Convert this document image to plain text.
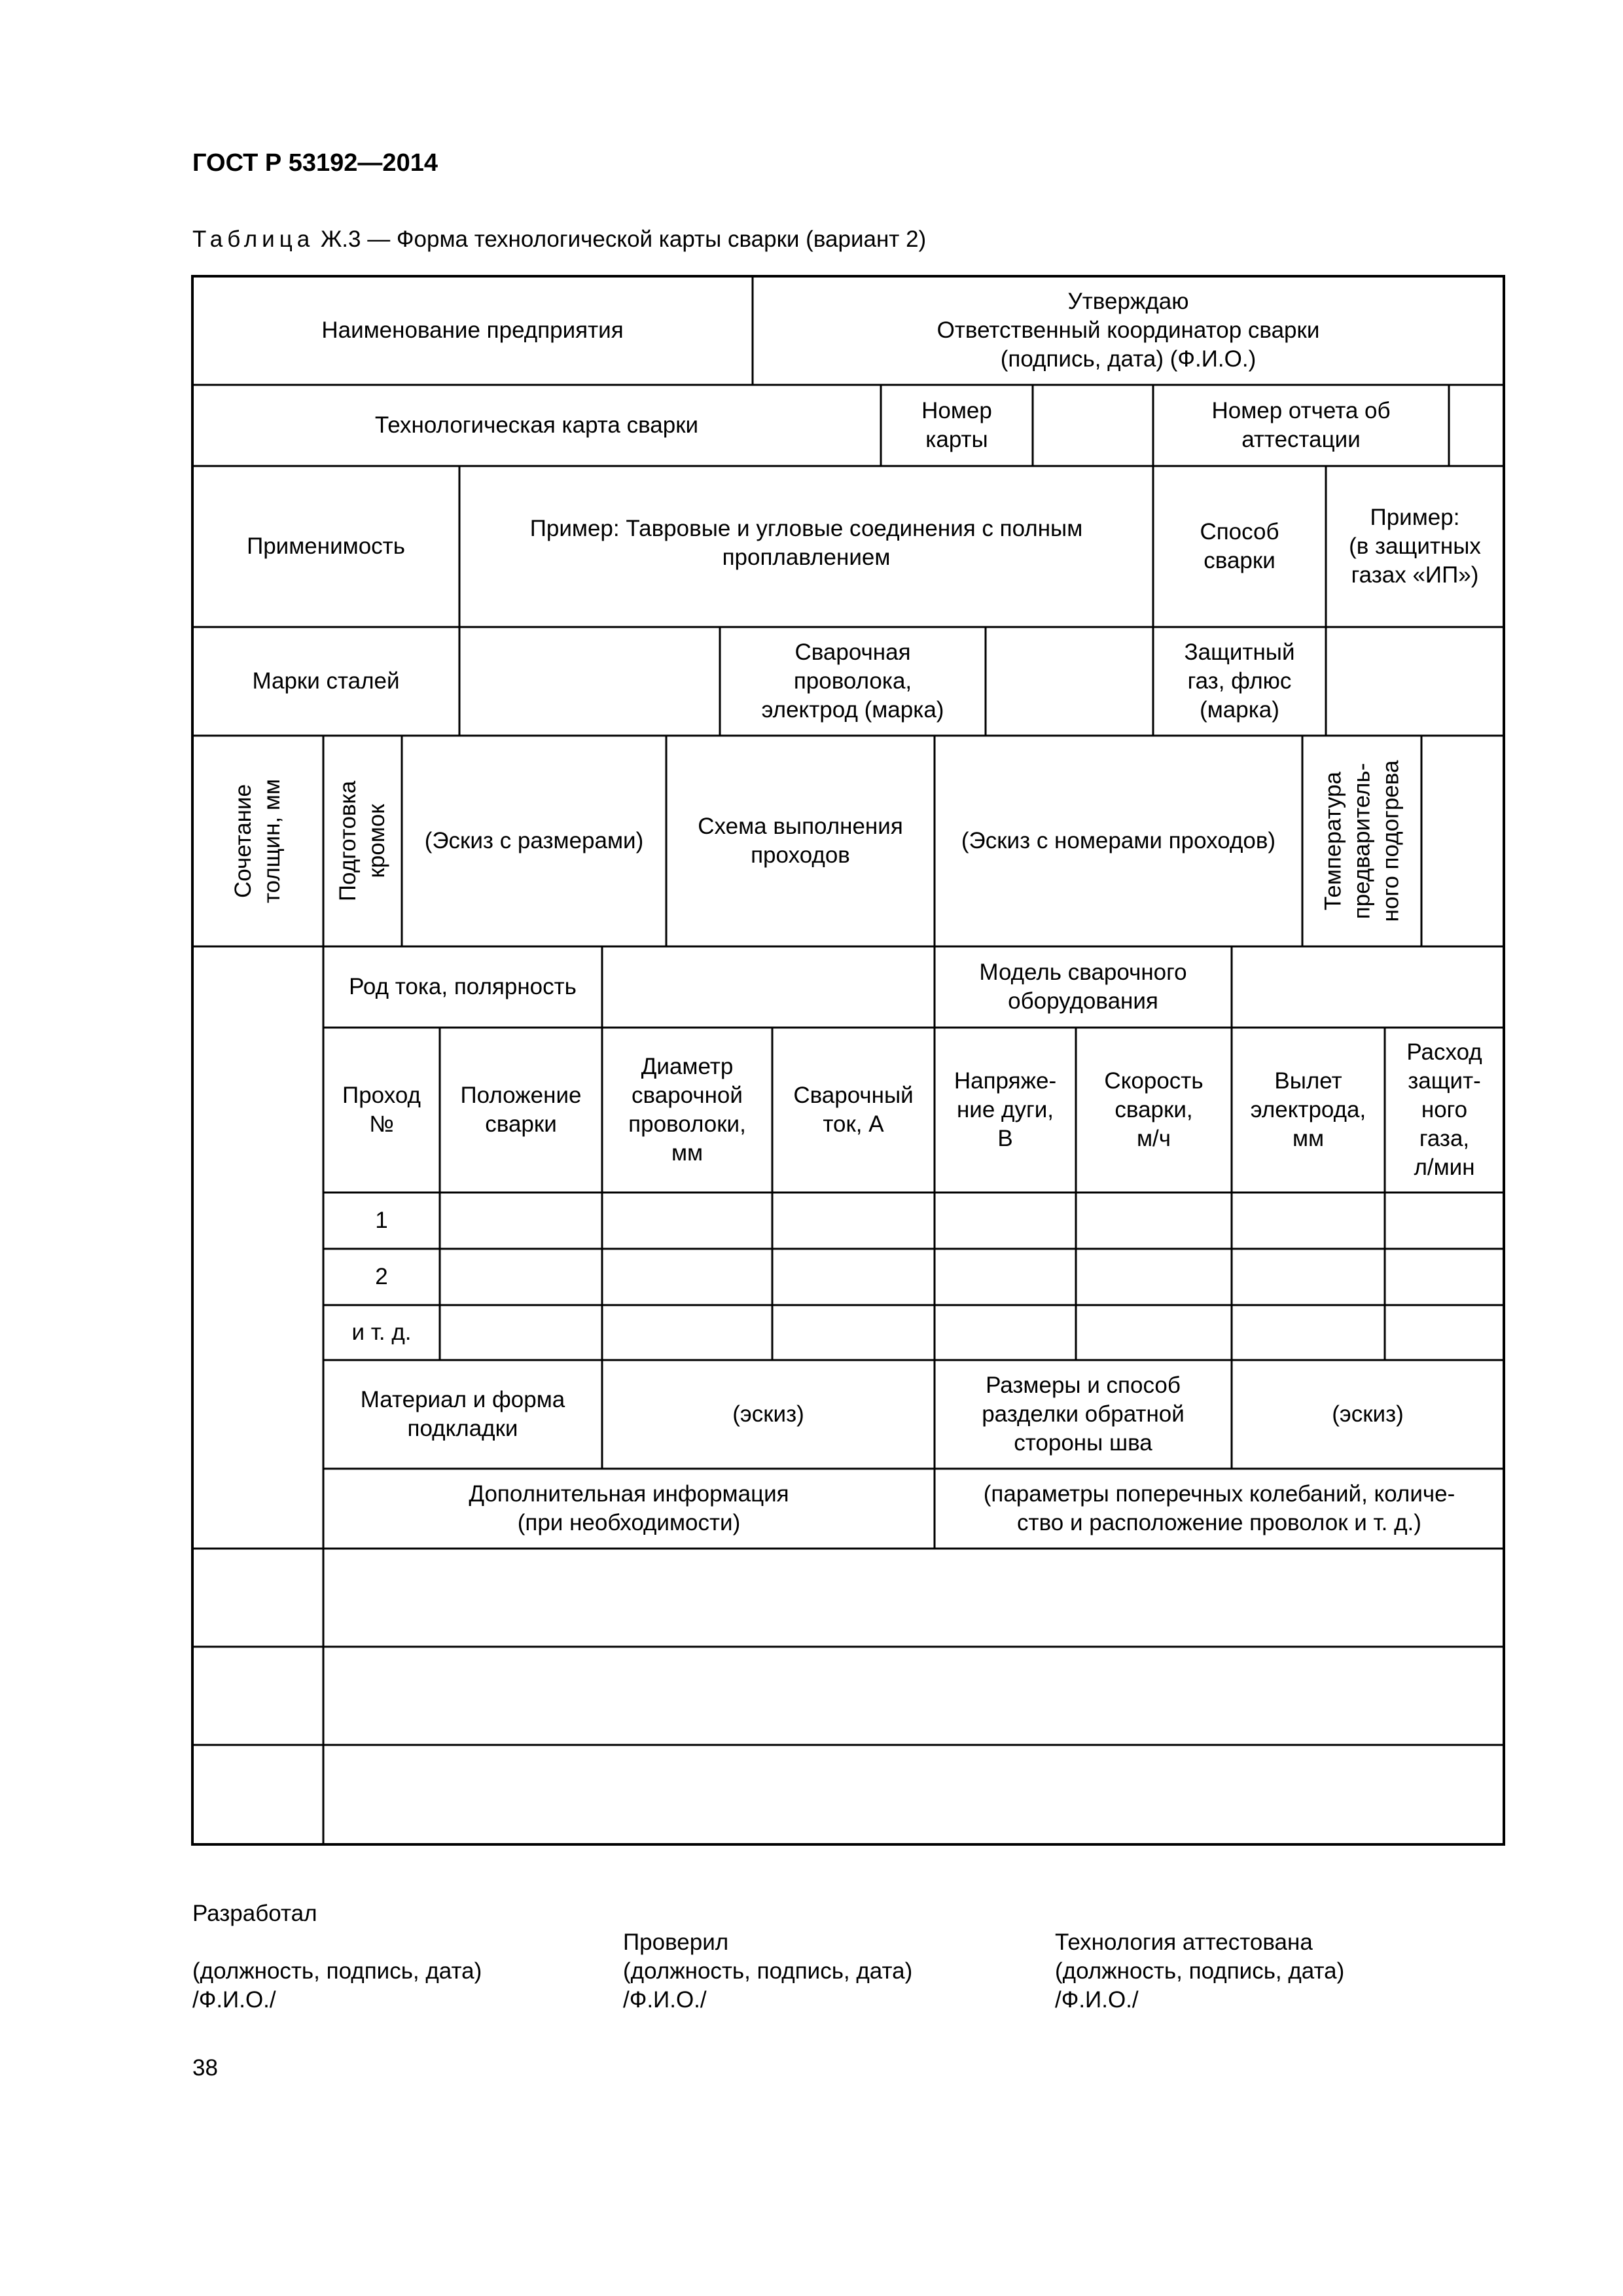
ГОСТ Р 53192—2014
Таблица Ж.3 — Форма технологической карты сварки (вариант 2)
Наименование предприятия
Утверждаю
Ответственный координатор сварки
(подпись, дата) (Ф.И.О.)
Технологическая карта сварки
Номер
карты
Номер отчета об
аттестации
Применимость
Пример: Тавровые и угловые соединения с полным
проплавлением
Способ
сварки
Пример:
(в защитных
газах «ИП»)
Марки сталей
Сварочная
проволока,
электрод (марка)
Защитный
газ, флюс
(марка)
Сочетание толщин, мм Подготовка кромок (Эскиз с размерами)
Схема выполнения
проходов
(Эскиз с номерами проходов) Температура предваритель- ного подогрева
Род тока, полярность
Модель сварочного
оборудования
Проход
№
Положение
сварки
Диаметр
сварочной
проволоки,
мм
Сварочный
ток, А
Напряже-
ние дуги,
В
Скорость
сварки,
м/ч
Вылет
электрода,
мм
Расход
защит-
ного
газа,
л/мин
1
2
и т. д.
Материал и форма
подкладки
(эскиз)
Размеры и способ
разделки обратной
стороны шва
(эскиз)
Дополнительная информация
(при необходимости)
(параметры поперечных колебаний, количе-
ство и расположение проволок и т. д.)
Разработал
(должность, подпись, дата)
/Ф.И.О./
Проверил
(должность, подпись, дата)
/Ф.И.О./
Технология аттестована
(должность, подпись, дата)
/Ф.И.О./
38
